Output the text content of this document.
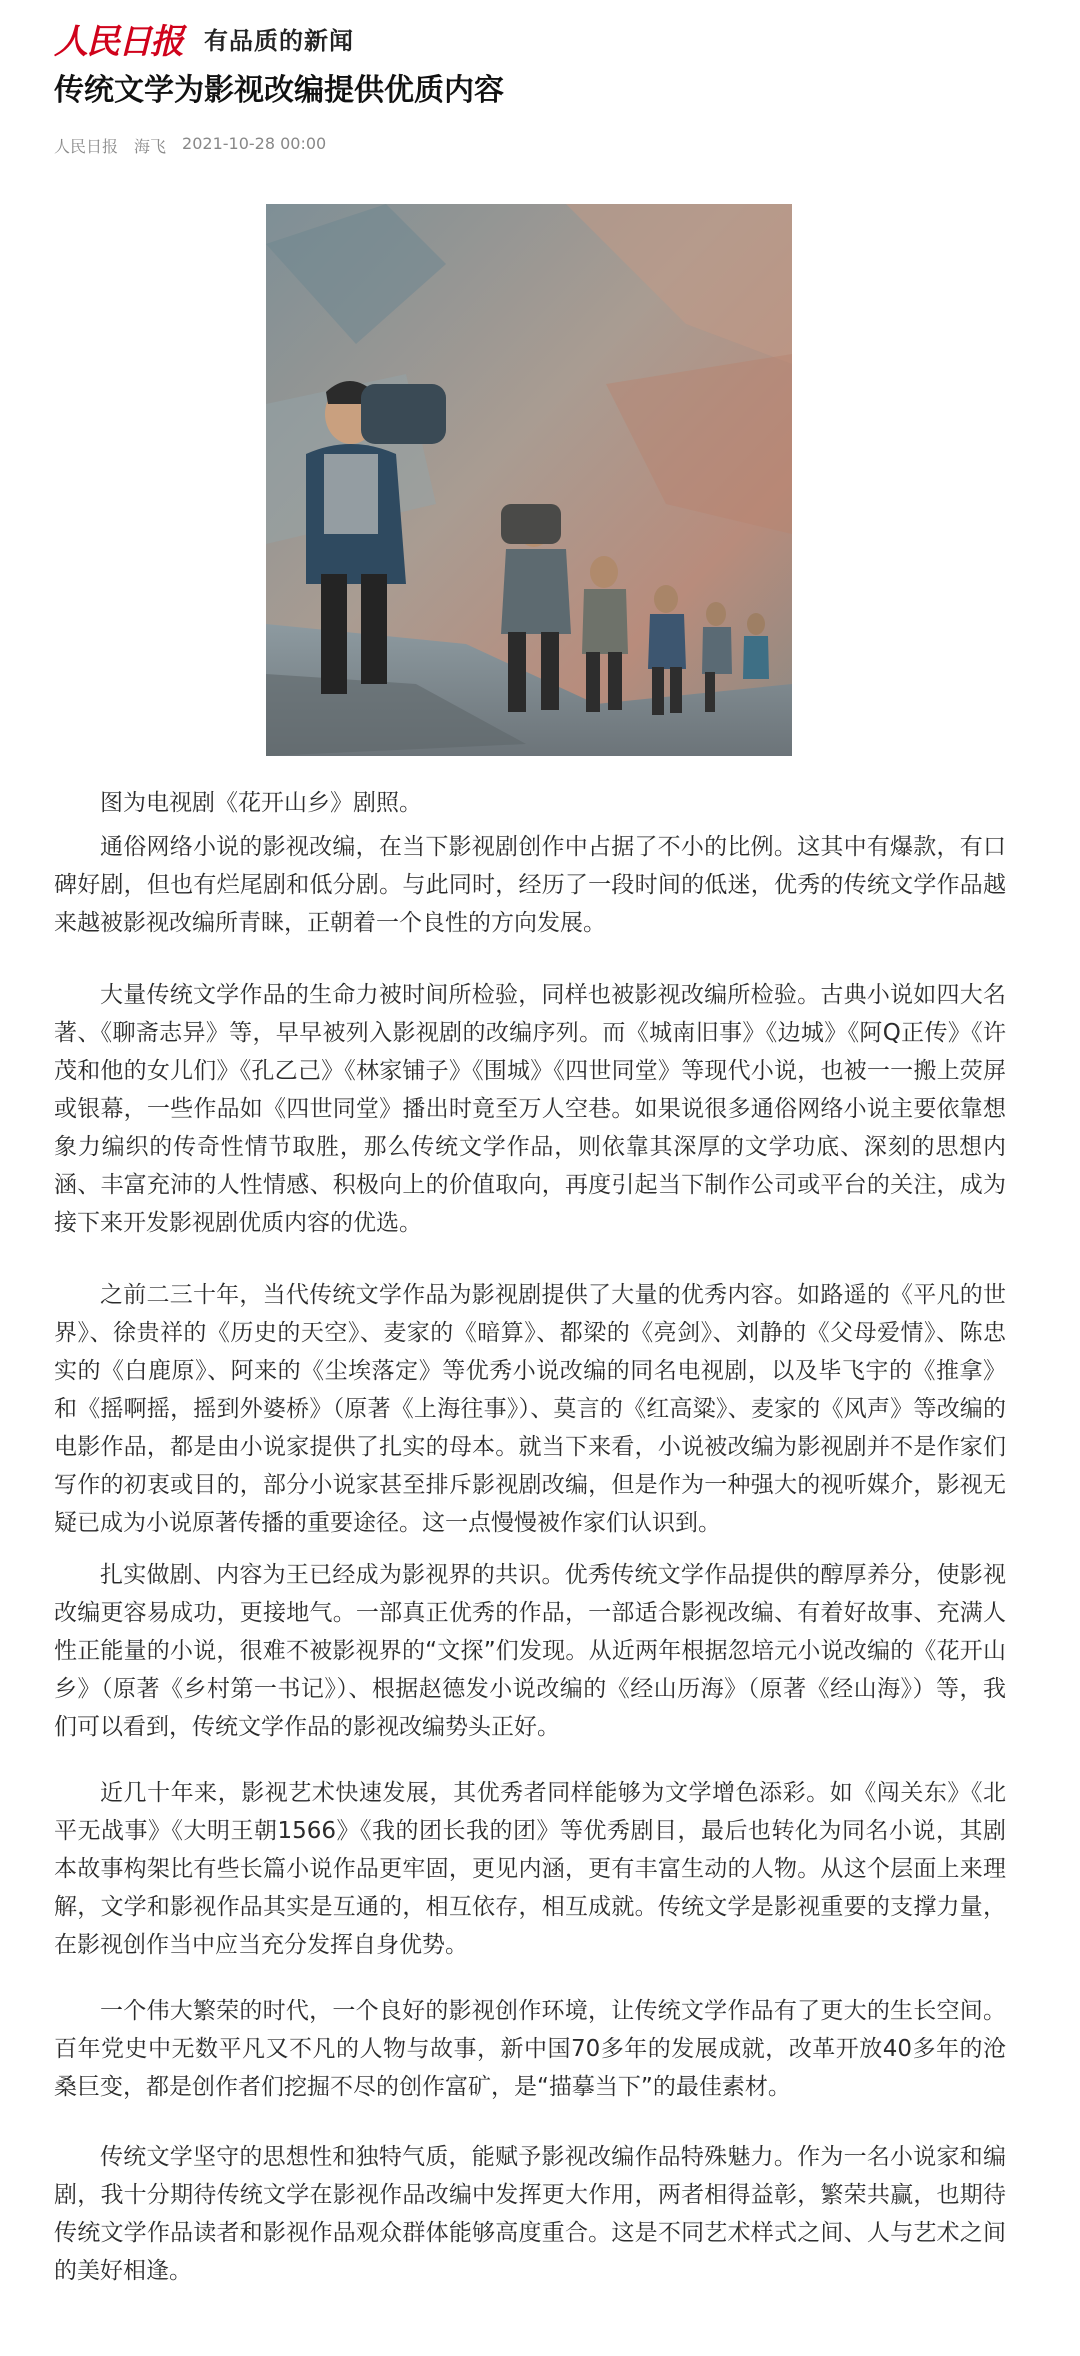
人民日报 有品质的新闻
传统文学为影视改编提供优质内容
人民日报 海飞 2021-10-28 00:00

图为电视剧《花开山乡》剧照。

通俗网络小说的影视改编，在当下影视剧创作中占据了不小的比例。这其中有爆款，有口碑好剧，但也有烂尾剧和低分剧。与此同时，经历了一段时间的低迷，优秀的传统文学作品越来越被影视改编所青睐，正朝着一个良性的方向发展。

大量传统文学作品的生命力被时间所检验，同样也被影视改编所检验。古典小说如四大名著、《聊斋志异》等，早早被列入影视剧的改编序列。而《城南旧事》《边城》《阿Q正传》《许茂和他的女儿们》《孔乙己》《林家铺子》《围城》《四世同堂》等现代小说，也被一一搬上荧屏或银幕，一些作品如《四世同堂》播出时竟至万人空巷。如果说很多通俗网络小说主要依靠想象力编织的传奇性情节取胜，那么传统文学作品，则依靠其深厚的文学功底、深刻的思想内涵、丰富充沛的人性情感、积极向上的价值取向，再度引起当下制作公司或平台的关注，成为接下来开发影视剧优质内容的优选。

之前二三十年，当代传统文学作品为影视剧提供了大量的优秀内容。如路遥的《平凡的世界》、徐贵祥的《历史的天空》、麦家的《暗算》、都梁的《亮剑》、刘静的《父母爱情》、陈忠实的《白鹿原》、阿来的《尘埃落定》等优秀小说改编的同名电视剧，以及毕飞宇的《推拿》和《摇啊摇，摇到外婆桥》（原著《上海往事》）、莫言的《红高粱》、麦家的《风声》等改编的电影作品，都是由小说家提供了扎实的母本。就当下来看，小说被改编为影视剧并不是作家们写作的初衷或目的，部分小说家甚至排斥影视剧改编，但是作为一种强大的视听媒介，影视无疑已成为小说原著传播的重要途径。这一点慢慢被作家们认识到。

扎实做剧、内容为王已经成为影视界的共识。优秀传统文学作品提供的醇厚养分，使影视改编更容易成功，更接地气。一部真正优秀的作品，一部适合影视改编、有着好故事、充满人性正能量的小说，很难不被影视界的“文探”们发现。从近两年根据忽培元小说改编的《花开山乡》（原著《乡村第一书记》）、根据赵德发小说改编的《经山历海》（原著《经山海》）等，我们可以看到，传统文学作品的影视改编势头正好。

近几十年来，影视艺术快速发展，其优秀者同样能够为文学增色添彩。如《闯关东》《北平无战事》《大明王朝1566》《我的团长我的团》等优秀剧目，最后也转化为同名小说，其剧本故事构架比有些长篇小说作品更牢固，更见内涵，更有丰富生动的人物。从这个层面上来理解，文学和影视作品其实是互通的，相互依存，相互成就。传统文学是影视重要的支撑力量，在影视创作当中应当充分发挥自身优势。

一个伟大繁荣的时代，一个良好的影视创作环境，让传统文学作品有了更大的生长空间。百年党史中无数平凡又不凡的人物与故事，新中国70多年的发展成就，改革开放40多年的沧桑巨变，都是创作者们挖掘不尽的创作富矿，是“描摹当下”的最佳素材。

传统文学坚守的思想性和独特气质，能赋予影视改编作品特殊魅力。作为一名小说家和编剧，我十分期待传统文学在影视作品改编中发挥更大作用，两者相得益彰，繁荣共赢，也期待传统文学作品读者和影视作品观众群体能够高度重合。这是不同艺术样式之间、人与艺术之间的美好相逢。
